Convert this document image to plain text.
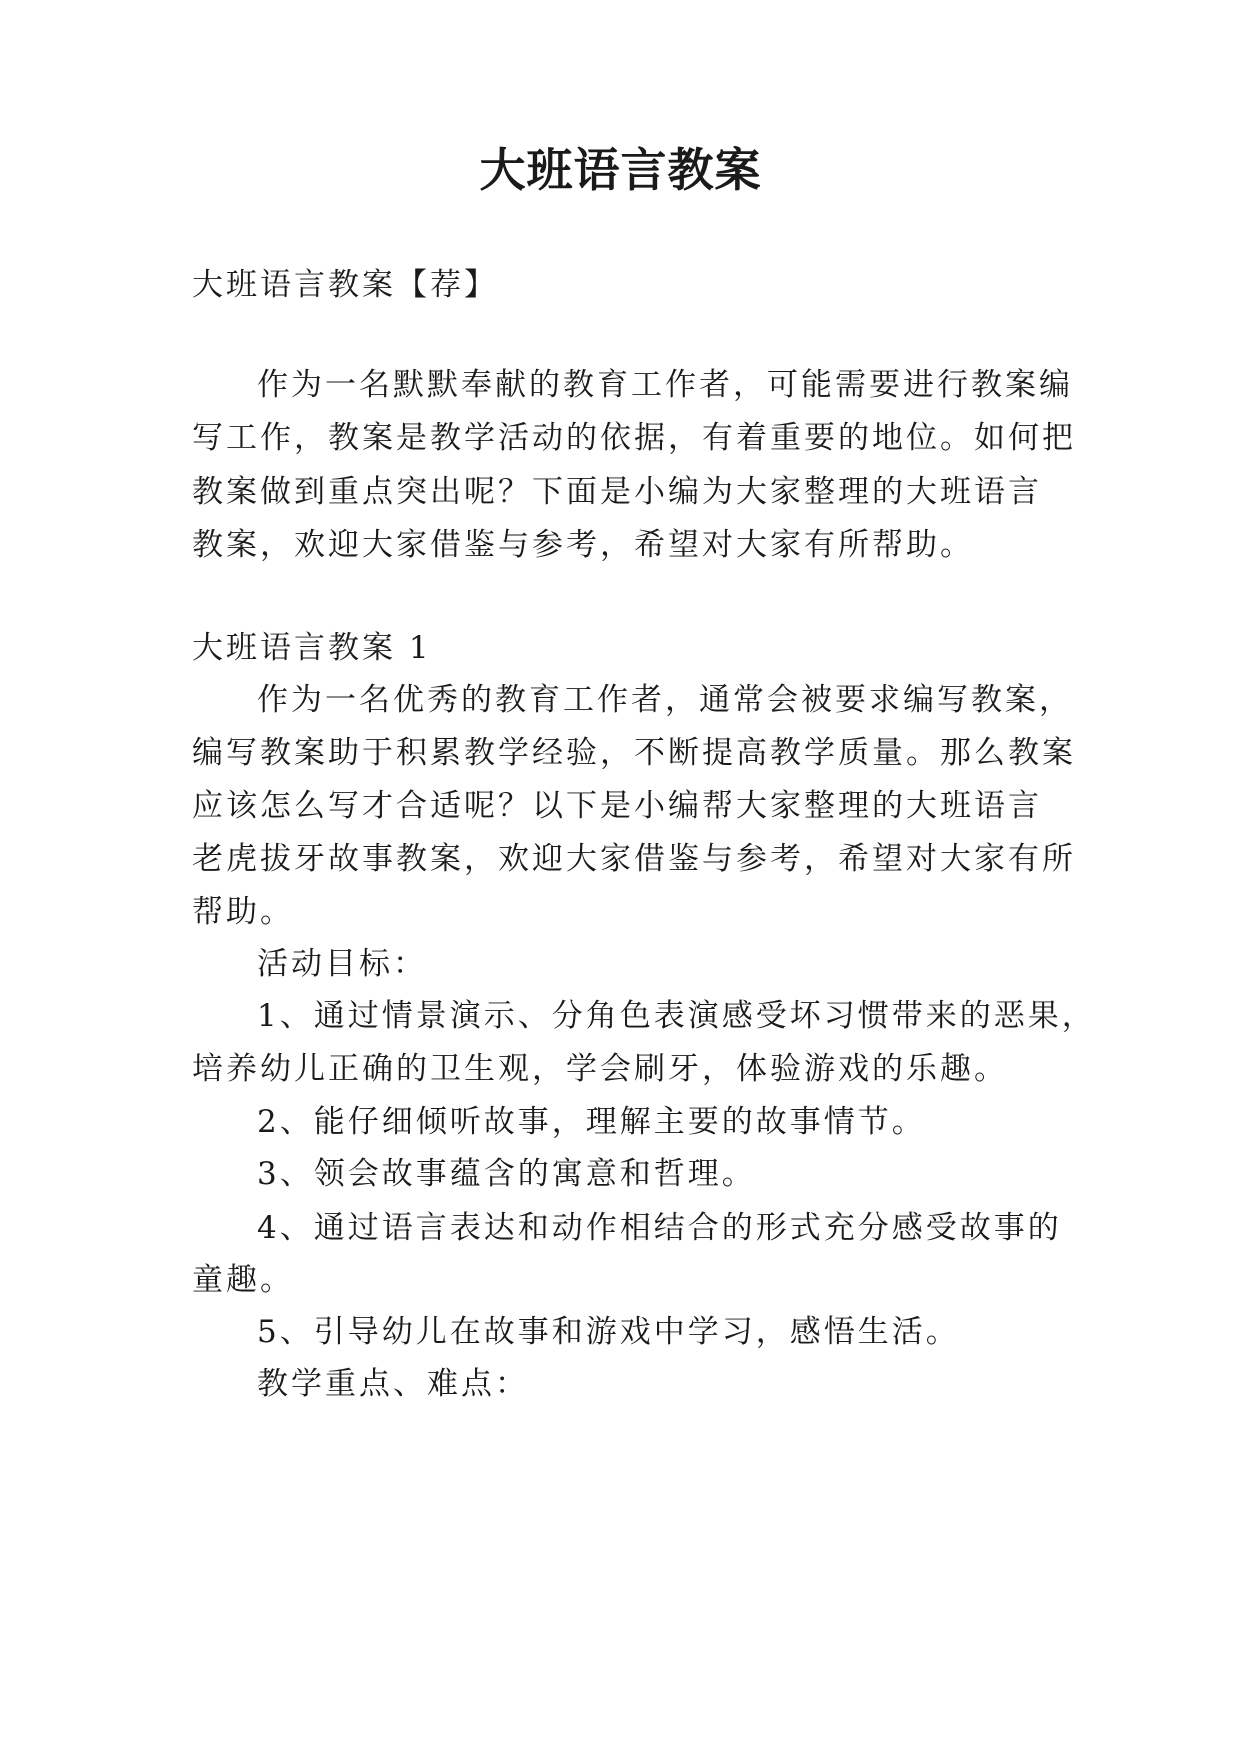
大班语言教案

大班语言教案【荐】

作为一名默默奉献的教育工作者，可能需要进行教案编

写工作，教案是教学活动的依据，有着重要的地位。如何把

教案做到重点突出呢？下面是小编为大家整理的大班语言

教案，欢迎大家借鉴与参考，希望对大家有所帮助。

大班语言教案 1

作为一名优秀的教育工作者，通常会被要求编写教案，

编写教案助于积累教学经验，不断提高教学质量。那么教案

应该怎么写才合适呢？以下是小编帮大家整理的大班语言

老虎拔牙故事教案，欢迎大家借鉴与参考，希望对大家有所

帮助。

活动目标：

1、通过情景演示、分角色表演感受坏习惯带来的恶果，

培养幼儿正确的卫生观，学会刷牙，体验游戏的乐趣。

2、能仔细倾听故事，理解主要的故事情节。

3、领会故事蕴含的寓意和哲理。

4、通过语言表达和动作相结合的形式充分感受故事的

童趣。

5、引导幼儿在故事和游戏中学习，感悟生活。

教学重点、难点：
